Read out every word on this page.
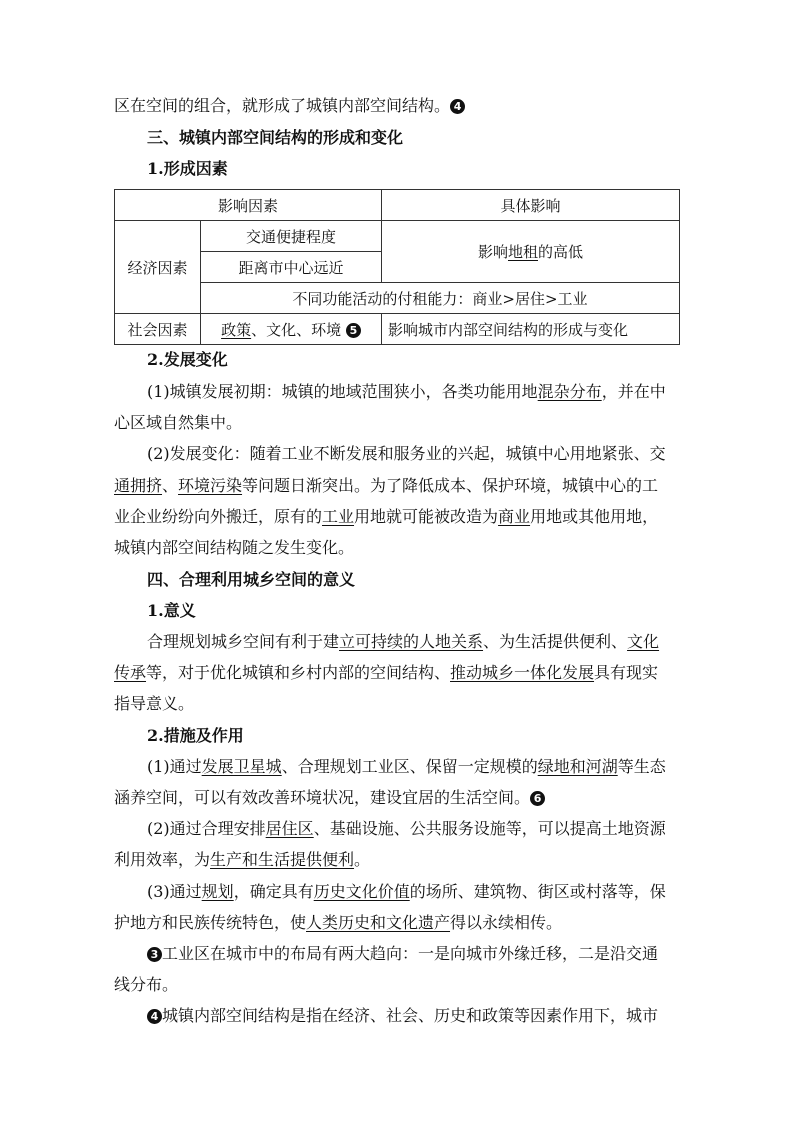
区在空间的组合，就形成了城镇内部空间结构。 4
三、城镇内部空间结构的形成和变化
1.形成因素
影响因素		具体影响
经济因素	交通便捷程度	影响地租的高低
	距离市中心远近	
	不同功能活动的付租能力：商业>居住>工业	
社会因素	政策、文化、环境 5	影响城市内部空间结构的形成与变化
2.发展变化
(1)城镇发展初期：城镇的地域范围狭小，各类功能用地混杂分布，并在中
心区域自然集中。
(2)发展变化：随着工业不断发展和服务业的兴起，城镇中心用地紧张、交
通拥挤、环境污染等问题日渐突出。为了降低成本、保护环境，城镇中心的工
业企业纷纷向外搬迁，原有的工业用地就可能被改造为商业用地或其他用地，
城镇内部空间结构随之发生变化。
四、合理利用城乡空间的意义
1.意义
合理规划城乡空间有利于建立可持续的人地关系、为生活提供便利、文化
传承等，对于优化城镇和乡村内部的空间结构、推动城乡一体化发展具有现实
指导意义。
2.措施及作用
(1)通过发展卫星城、合理规划工业区、保留一定规模的绿地和河湖等生态
涵养空间，可以有效改善环境状况，建设宜居的生活空间。 6
(2)通过合理安排居住区、基础设施、公共服务设施等，可以提高土地资源
利用效率，为生产和生活提供便利。
(3)通过规划，确定具有历史文化价值的场所、建筑物、街区或村落等，保
护地方和民族传统特色，使人类历史和文化遗产得以永续相传。
3 工业区在城市中的布局有两大趋向：一是向城市外缘迁移，二是沿交通
线分布。
4 城镇内部空间结构是指在经济、社会、历史和政策等因素作用下，城市
